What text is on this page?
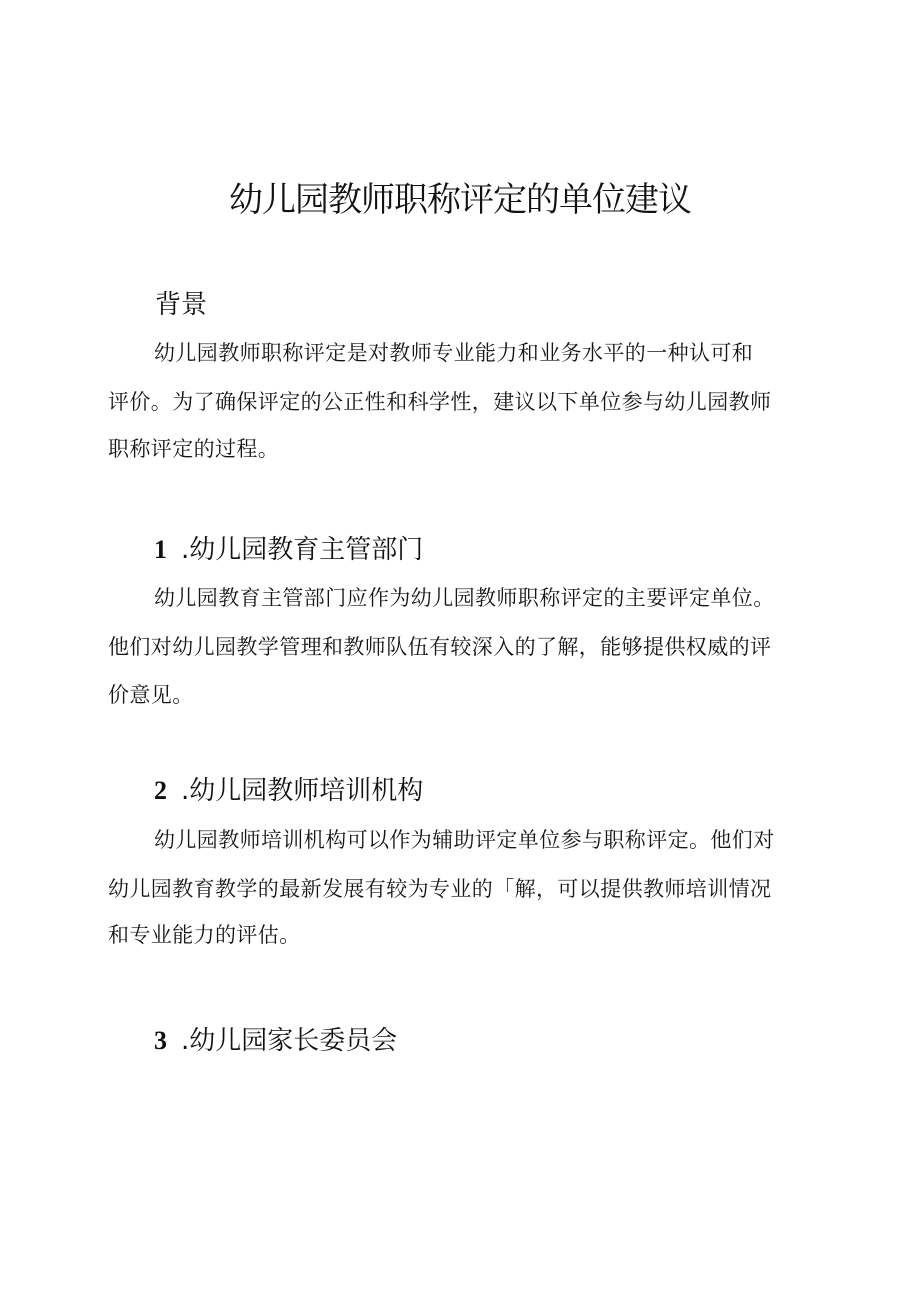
幼儿园教师职称评定的单位建议
背景
幼儿园教师职称评定是对教师专业能力和业务水平的一种认可和
评价。为了确保评定的公正性和科学性，建议以下单位参与幼儿园教师
职称评定的过程。
1 .幼儿园教育主管部门
幼儿园教育主管部门应作为幼儿园教师职称评定的主要评定单位。
他们对幼儿园教学管理和教师队伍有较深入的了解，能够提供权威的评
价意见。
2 .幼儿园教师培训机构
幼儿园教师培训机构可以作为辅助评定单位参与职称评定。他们对
幼儿园教育教学的最新发展有较为专业的「解，可以提供教师培训情况
和专业能力的评估。
3 .幼儿园家长委员会
